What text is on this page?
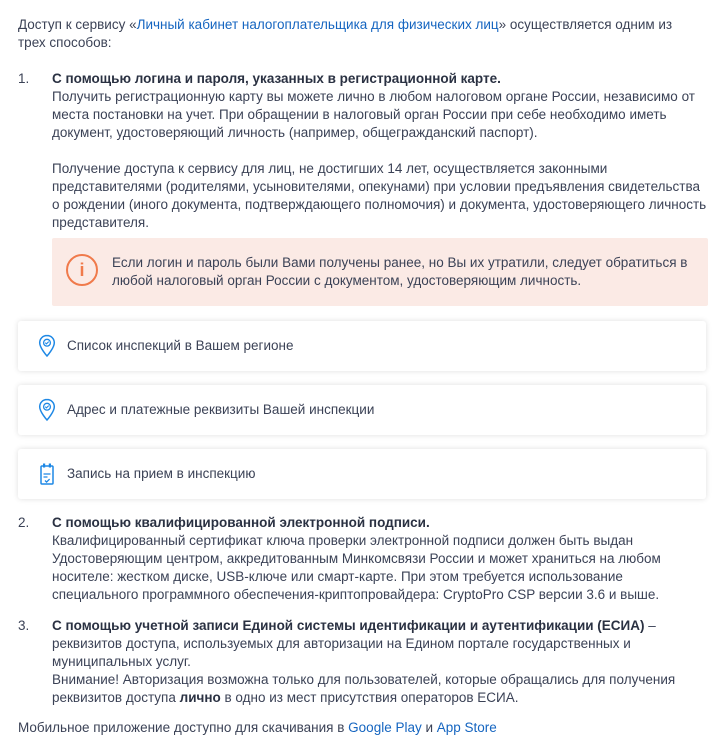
Доступ к сервису «Личный кабинет налогоплательщика для физических лиц» осуществляется одним из трех способов:
1.	С помощью логина и пароля, указанных в регистрационной карте.

Получить регистрационную карту вы можете лично в любом налоговом органе России, независимо от места постановки на учет. При обращении в налоговый орган России при себе необходимо иметь документ, удостоверяющий личность (например, общегражданский паспорт).

Получение доступа к сервису для лиц, не достигших 14 лет, осуществляется законными представителями (родителями, усыновителями, опекунами) при условии предъявления свидетельства о рождении (иного документа, подтверждающего полномочия) и документа, удостоверяющего личность представителя.

i	Если логин и пароль были Вами получены ранее, но Вы их утратили, следует обратиться в любой налоговый орган России с документом, удостоверяющим личность.
Список инспекций в Вашем регионе
Адрес и платежные реквизиты Вашей инспекции
Запись на прием в инспекцию
2.	С помощью квалифицированной электронной подписи.

Квалифицированный сертификат ключа проверки электронной подписи должен быть выдан Удостоверяющим центром, аккредитованным Минкомсвязи России и может храниться на любом носителе: жестком диске, USB-ключе или смарт-карте. При этом требуется использование специального программного обеспечения-криптопровайдера: CryptoPro CSP версии 3.6 и выше.

3.	С помощью учетной записи Единой системы идентификации и аутентификации (ЕСИА) – реквизитов доступа, используемых для авторизации на Едином портале государственных и муниципальных услуг.

Внимание! Авторизация возможна только для пользователей, которые обращались для получения реквизитов доступа лично в одно из мест присутствия операторов ЕСИА.

Мобильное приложение доступно для скачивания в Google Play и App Store
